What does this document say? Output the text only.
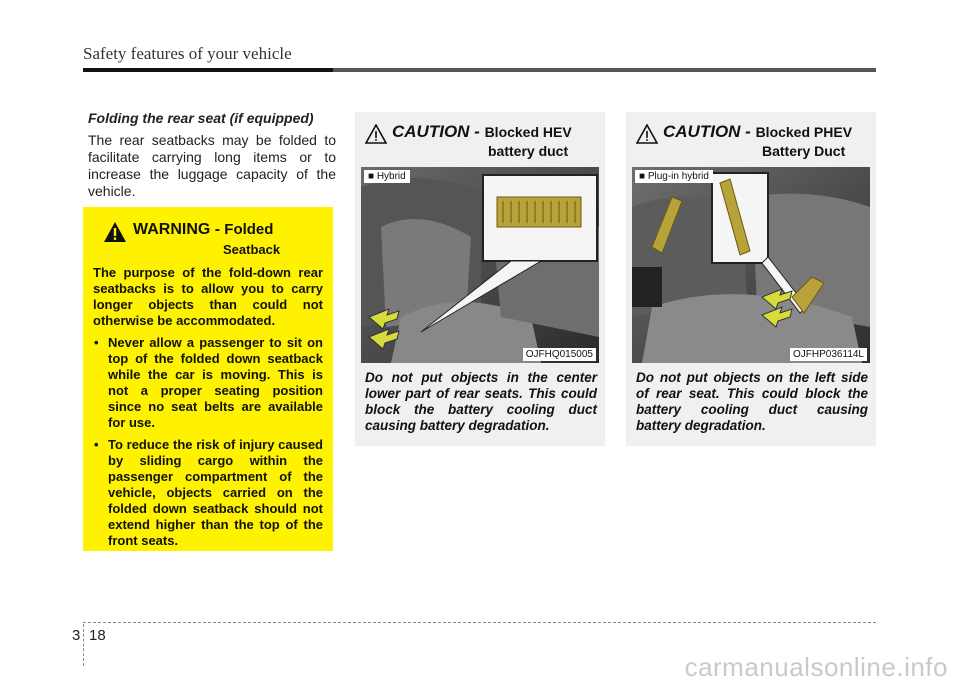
Safety features of your vehicle
Folding the rear seat (if equipped)
The rear seatbacks may be folded to facilitate carrying long items or to increase the luggage capacity of the vehicle.
WARNING - Folded
Seatback
The purpose of the fold-down rear seatbacks is to allow you to carry longer objects than could not otherwise be accommodated.
• Never allow a passenger to sit on top of the folded down seatback while the car is moving. This is not a proper seating position since no seat belts are available for use.
• To reduce the risk of injury caused by sliding cargo within the passenger compartment of the vehicle, objects carried on the folded down seatback should not extend higher than the top of the front seats.
CAUTION - Blocked HEV
battery duct
■ Hybrid
OJFHQ015005
Do not put objects in the center lower part of rear seats. This could block the battery cooling duct causing battery degradation.
CAUTION - Blocked PHEV
Battery Duct
■ Plug-in hybrid
OJFHP036114L
Do not put objects on the left side of rear seat. This could block the battery cooling duct causing battery degradation.
3 18
carmanualsonline.info
